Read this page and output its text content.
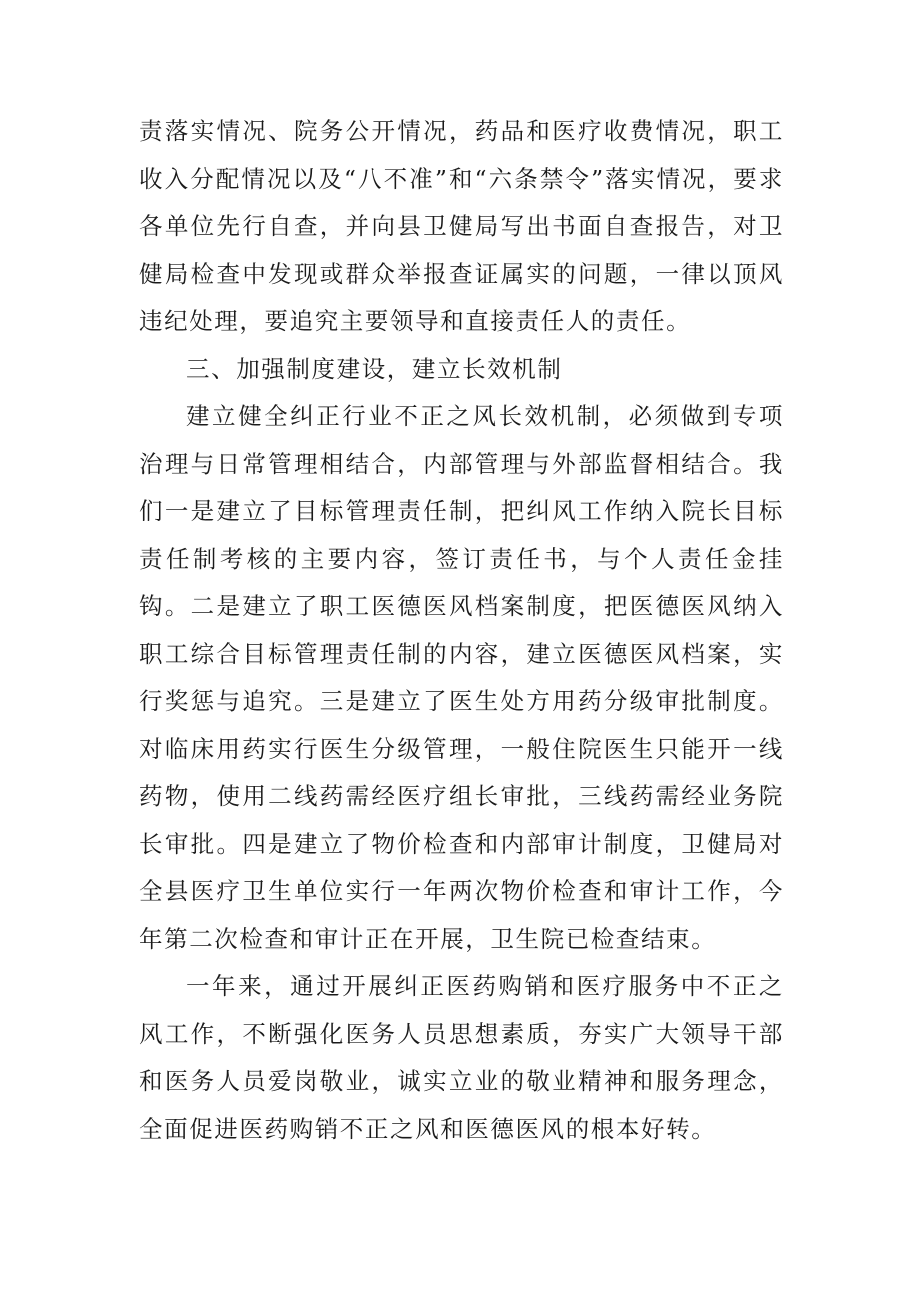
责落实情况、院务公开情况，药品和医疗收费情况，职工收入分配情况以及“八不准”和“六条禁令”落实情况，要求各单位先行自查，并向县卫健局写出书面自查报告，对卫健局检查中发现或群众举报查证属实的问题，一律以顶风违纪处理，要追究主要领导和直接责任人的责任。

三、加强制度建设，建立长效机制

建立健全纠正行业不正之风长效机制，必须做到专项治理与日常管理相结合，内部管理与外部监督相结合。我们一是建立了目标管理责任制，把纠风工作纳入院长目标责任制考核的主要内容，签订责任书，与个人责任金挂钩。二是建立了职工医德医风档案制度，把医德医风纳入职工综合目标管理责任制的内容，建立医德医风档案，实行奖惩与追究。三是建立了医生处方用药分级审批制度。对临床用药实行医生分级管理，一般住院医生只能开一线药物，使用二线药需经医疗组长审批，三线药需经业务院长审批。四是建立了物价检查和内部审计制度，卫健局对全县医疗卫生单位实行一年两次物价检查和审计工作，今年第二次检查和审计正在开展，卫生院已检查结束。

一年来，通过开展纠正医药购销和医疗服务中不正之风工作，不断强化医务人员思想素质，夯实广大领导干部和医务人员爱岗敬业，诚实立业的敬业精神和服务理念，全面促进医药购销不正之风和医德医风的根本好转。
